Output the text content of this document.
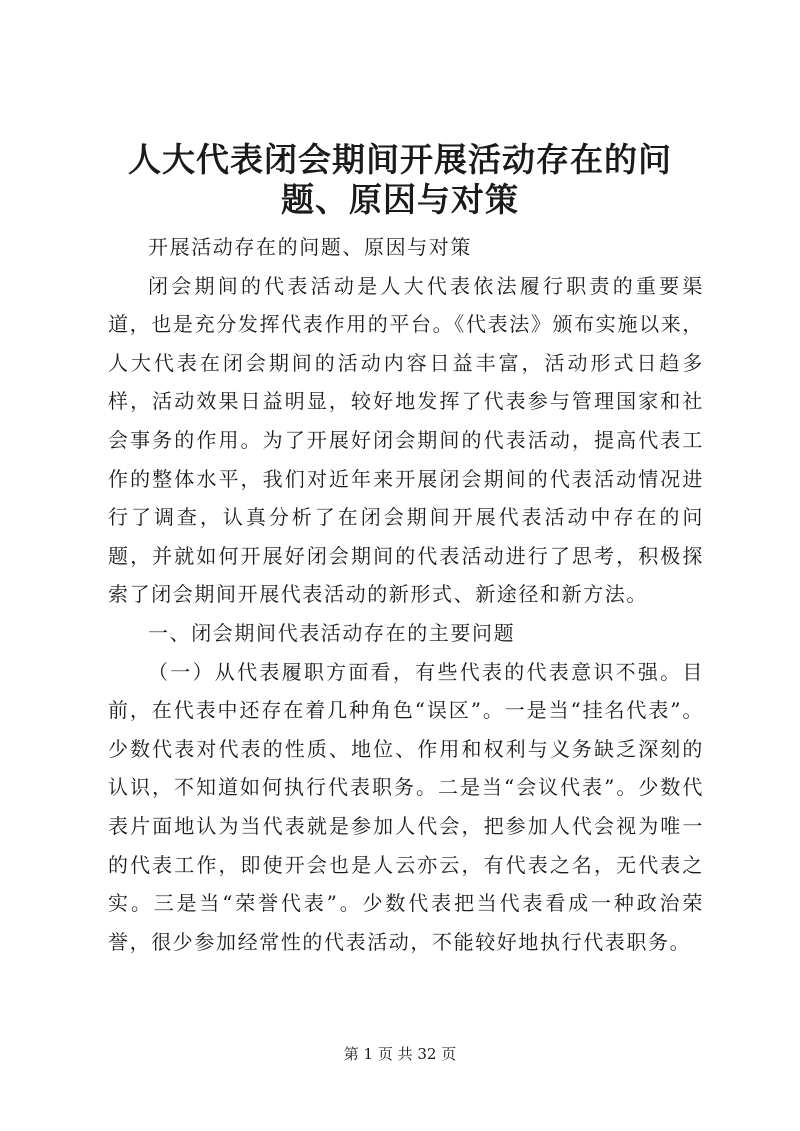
人大代表闭会期间开展活动存在的问题、原因与对策

开展活动存在的问题、原因与对策

闭会期间的代表活动是人大代表依法履行职责的重要渠道，也是充分发挥代表作用的平台。《代表法》颁布实施以来，人大代表在闭会期间的活动内容日益丰富，活动形式日趋多样，活动效果日益明显，较好地发挥了代表参与管理国家和社会事务的作用。为了开展好闭会期间的代表活动，提高代表工作的整体水平，我们对近年来开展闭会期间的代表活动情况进行了调查，认真分析了在闭会期间开展代表活动中存在的问题，并就如何开展好闭会期间的代表活动进行了思考，积极探索了闭会期间开展代表活动的新形式、新途径和新方法。

一、闭会期间代表活动存在的主要问题

（一）从代表履职方面看，有些代表的代表意识不强。目前，在代表中还存在着几种角色“误区”。一是当“挂名代表”。少数代表对代表的性质、地位、作用和权利与义务缺乏深刻的认识，不知道如何执行代表职务。二是当“会议代表”。少数代表片面地认为当代表就是参加人代会，把参加人代会视为唯一的代表工作，即使开会也是人云亦云，有代表之名，无代表之实。三是当“荣誉代表”。少数代表把当代表看成一种政治荣誉，很少参加经常性的代表活动，不能较好地执行代表职务。

第 1 页 共 32 页
